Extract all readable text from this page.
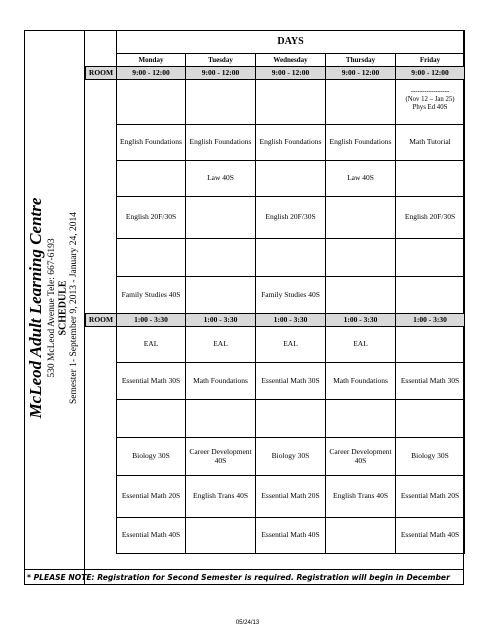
McLeod Adult Learning Centre 530 McLeod Avenue Tele: 667-6193 SCHEDULE Semester 1- September 9, 2013 - January 24, 2014
	DAYS				
	Monday	Tuesday	Wednesday	Thursday	Friday
ROOM	9:00 - 12:00	9:00 - 12:00	9:00 - 12:00	9:00 - 12:00	9:00 - 12:00

					-----------------
(Nov 12 – Jan 25)
Phys Ed 40S

	English Foundations	English Foundations	English Foundations	English Foundations	Math Tutorial
		Law 40S		Law 40S	
	English 20F/30S		English 20F/30S		English 20F/30S

	Family Studies 40S		Family Studies 40S		
ROOM	1:00 - 3:30	1:00 - 3:30	1:00 - 3:30	1:00 - 3:30	1:00 - 3:30
	EAL	EAL	EAL	EAL	
	Essential Math 30S	Math Foundations	Essential Math 30S	Math Foundations	Essential Math 30S

	Biology 30S	Career Development 40S	Biology 30S	Career Development 40S	Biology 30S
	Essential Math 20S	English Trans 40S	Essential Math 20S	English Trans 40S	Essential Math 20S
	Essential Math 40S		Essential Math 40S		Essential Math 40S
* PLEASE NOTE: Registration for Second Semester is required. Registration will begin in December
05/24/13
